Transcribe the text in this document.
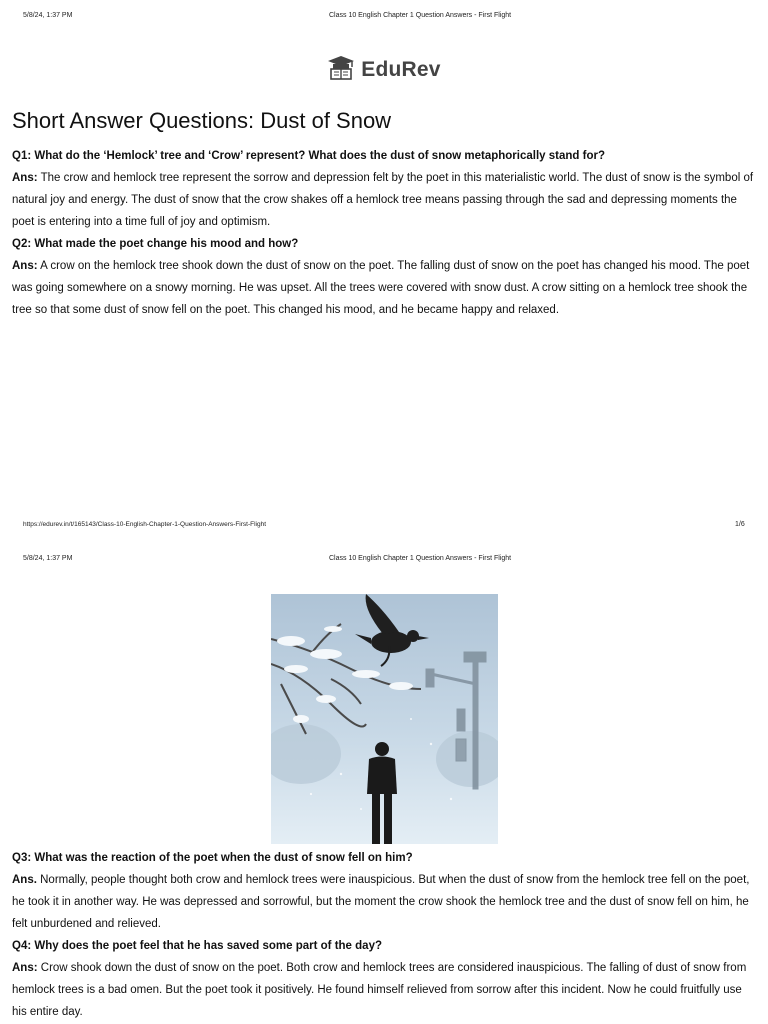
5/8/24, 1:37 PM	Class 10 English Chapter 1 Question Answers - First Flight
EduRev
Short Answer Questions: Dust of Snow
Q1: What do the ‘Hemlock’ tree and ‘Crow’ represent? What does the dust of snow metaphorically stand for?
Ans: The crow and hemlock tree represent the sorrow and depression felt by the poet in this materialistic world. The dust of snow is the symbol of natural joy and energy. The dust of snow that the crow shakes off a hemlock tree means passing through the sad and depressing moments the poet is entering into a time full of joy and optimism.
Q2: What made the poet change his mood and how?
Ans: A crow on the hemlock tree shook down the dust of snow on the poet. The falling dust of snow on the poet has changed his mood. The poet was going somewhere on a snowy morning. He was upset. All the trees were covered with snow dust. A crow sitting on a hemlock tree shook the tree so that some dust of snow fell on the poet. This changed his mood, and he became happy and relaxed.
https://edurev.in/t/165143/Class-10-English-Chapter-1-Question-Answers-First-Flight	1/6
5/8/24, 1:37 PM	Class 10 English Chapter 1 Question Answers - First Flight
Q3: What was the reaction of the poet when the dust of snow fell on him?
Ans. Normally, people thought both crow and hemlock trees were inauspicious. But when the dust of snow from the hemlock tree fell on the poet, he took it in another way. He was depressed and sorrowful, but the moment the crow shook the hemlock tree and the dust of snow fell on him, he felt unburdened and relieved.
Q4: Why does the poet feel that he has saved some part of the day?
Ans: Crow shook down the dust of snow on the poet. Both crow and hemlock trees are considered inauspicious. The falling of dust of snow from hemlock trees is a bad omen. But the poet took it positively. He found himself relieved from sorrow after this incident. Now he could fruitfully use his entire day.
